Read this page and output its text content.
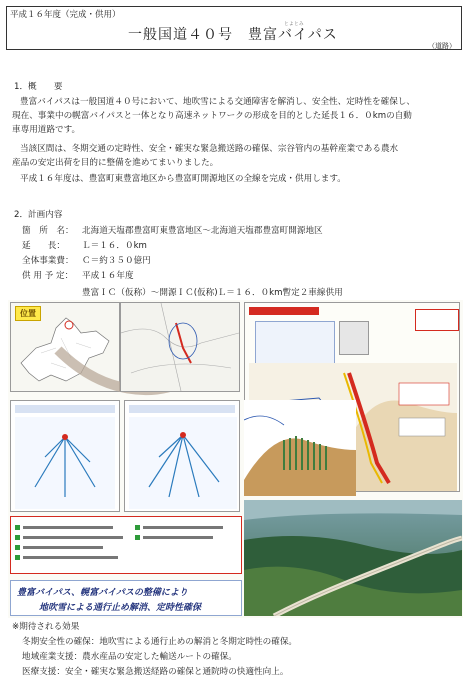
平成１６年度（完成・供用）
とよとみ
一般国道４０号　豊富バイパス
（道路）
1．概　　要
豊富バイパスは一般国道４０号において、地吹雪による交通障害を解消し、安全性、定時性を確保し、
現在、事業中の幌富バイパスと一体となり高速ネットワークの形成を目的とした延長１６．０kmの自動
車専用道路です。
当該区間は、冬期交通の定時性、安全・確実な緊急搬送路の確保、宗谷管内の基幹産業である農水
産品の安定出荷を目的に整備を進めてまいりました。
平成１６年度は、豊富町東豊富地区から豊富町開源地区の全線を完成・供用します。
2．計画内容
箇　所　名： 北海道天塩郡豊富町東豊富地区～北海道天塩郡豊富町開源地区
延　　長： Ｌ＝１６．０km
全体事業費： Ｃ＝約３５０億円
供 用 予 定： 平成１６年度
豊富ＩＣ（仮称）～開源ＩＣ(仮称)Ｌ＝１６．０km暫定２車線供用
位置
豊富バイパス、幌富バイパスの整備により
地吹雪による通行止め解消、定時性確保
※期待される効果
冬期安全性の確保：地吹雪による通行止めの解消と冬期定時性の確保。
地域産業支援：農水産品の安定した輸送ルートの確保。
医療支援：安全・確実な緊急搬送経路の確保と通院時の快適性向上。
